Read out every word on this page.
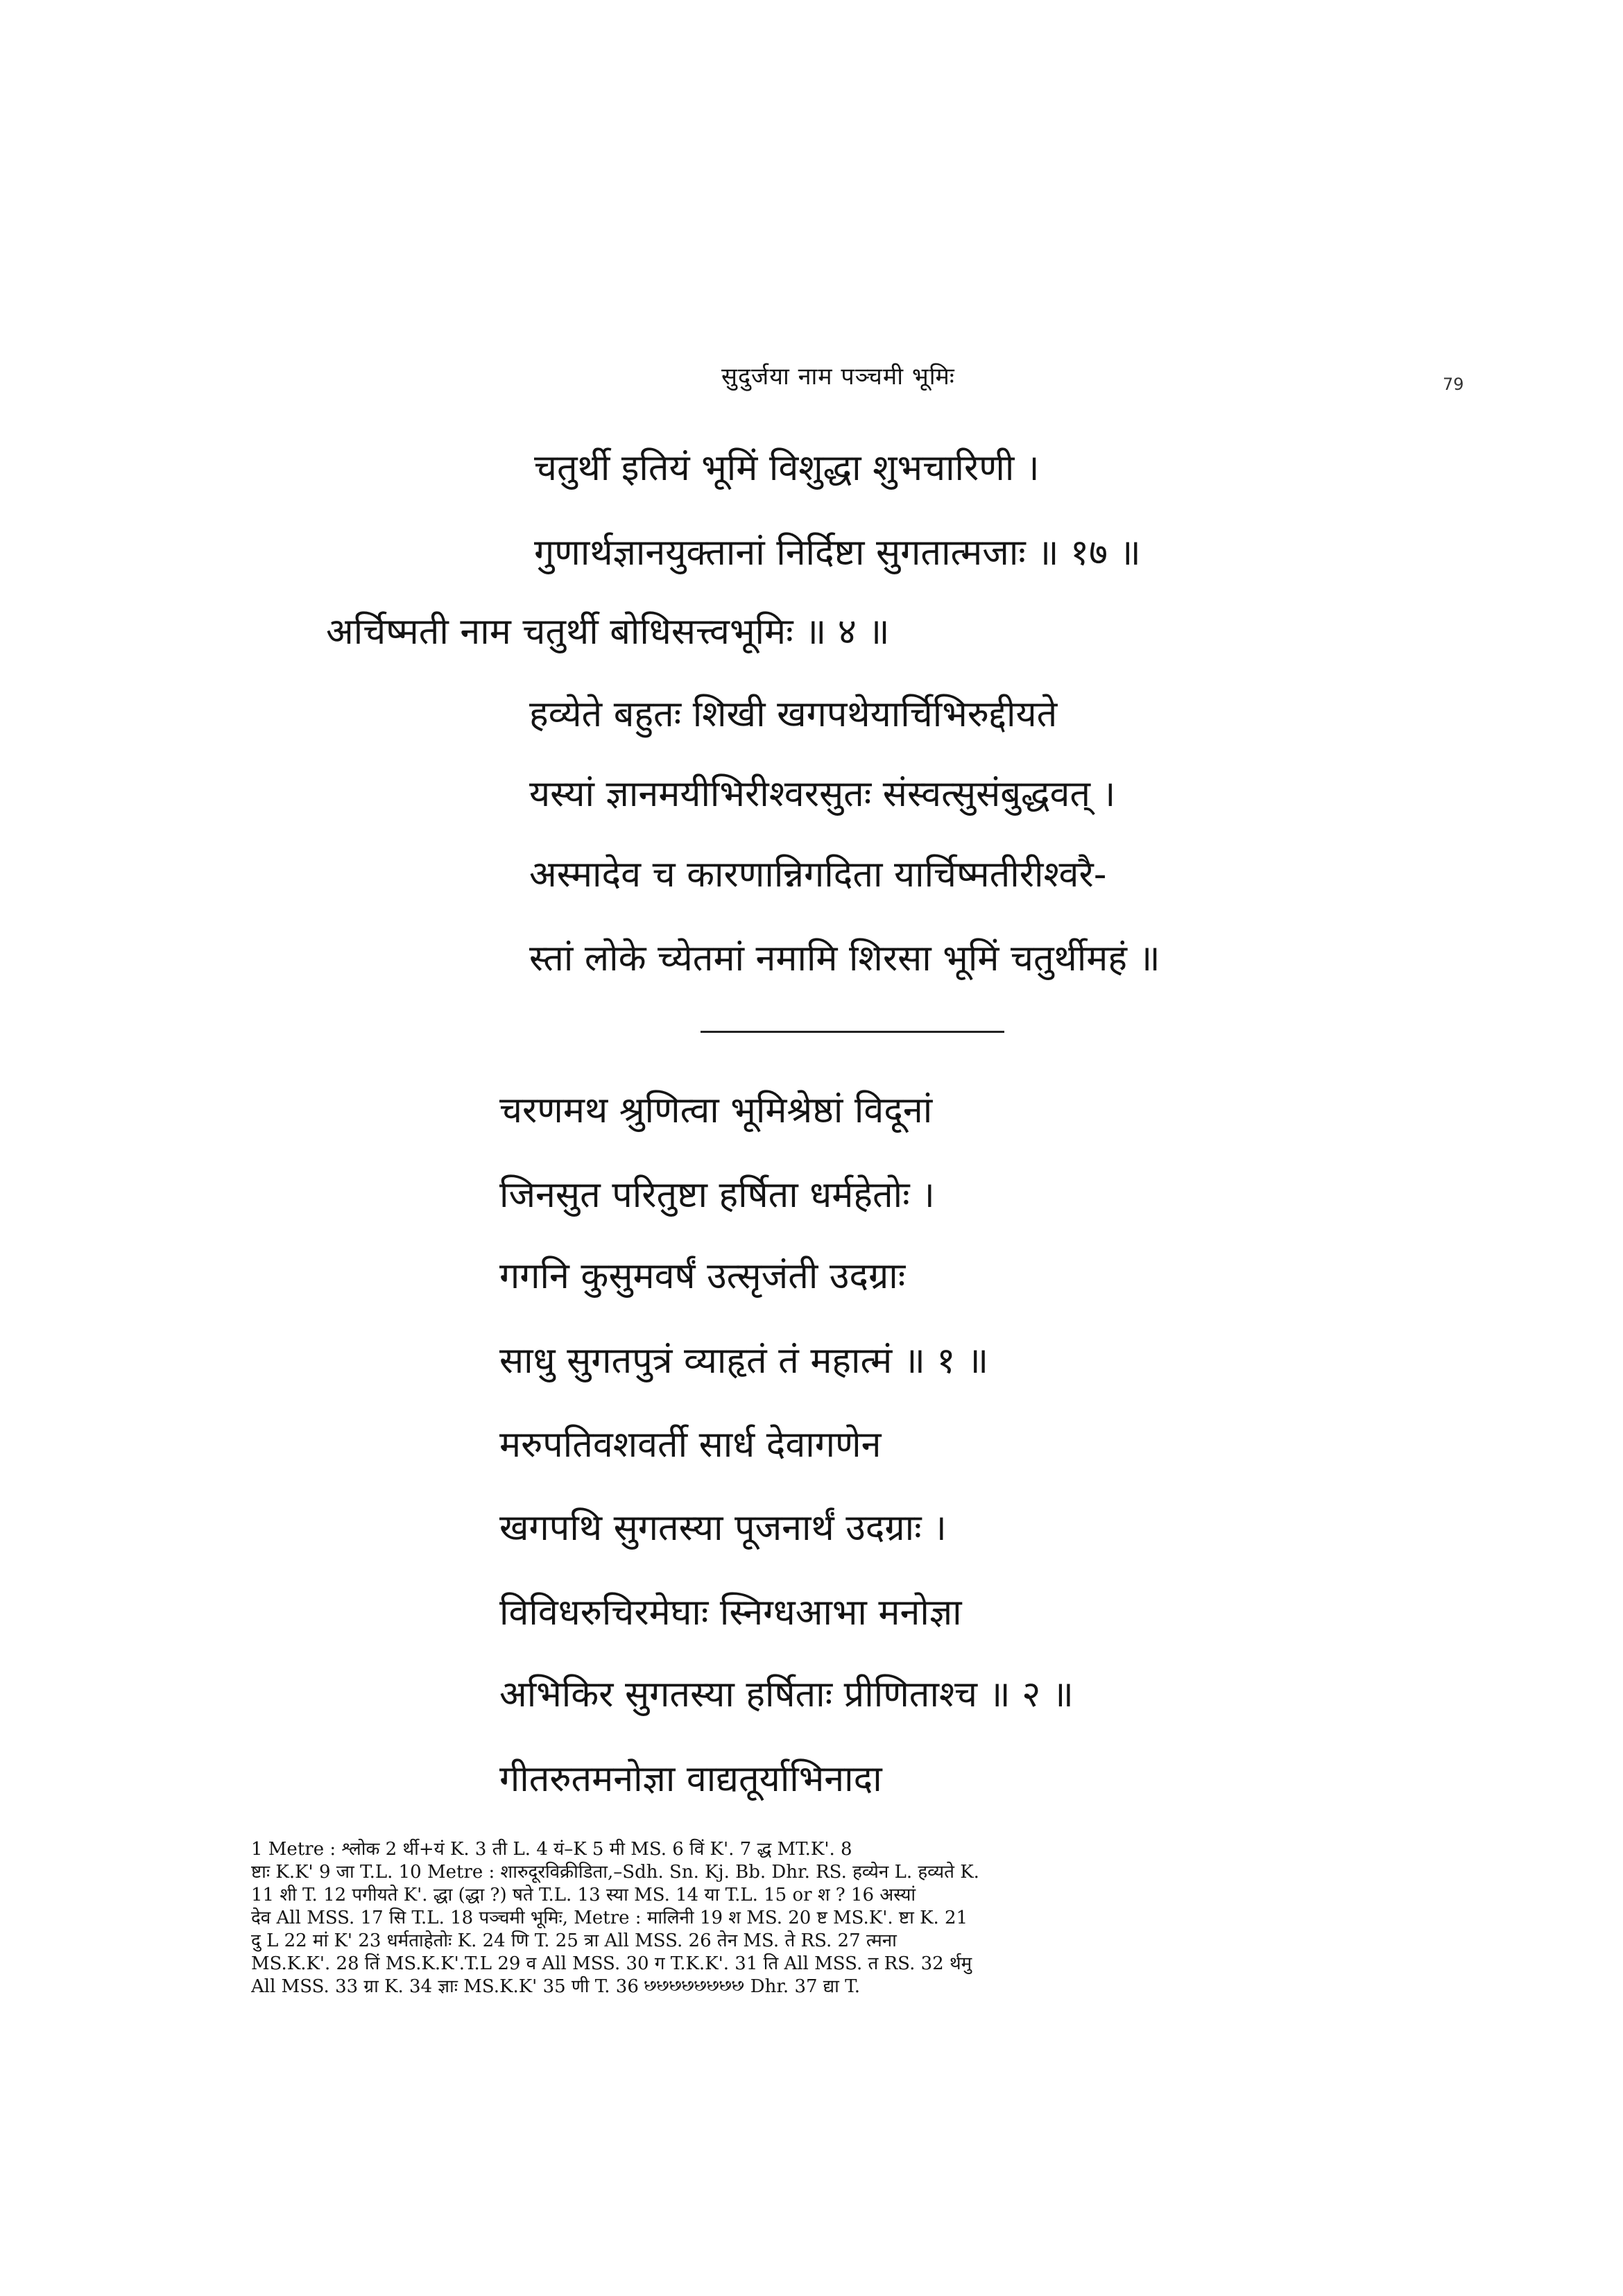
सुदुर्जया नाम पञ्चमी भूमिः	79
चतुर्थी इतियं भूमिं विशुद्धा शुभचारिणी ।
गुणार्थज्ञानयुक्तानां निर्दिष्टा सुगतात्मजाः ॥ १७ ॥
अर्चिष्मती नाम चतुर्थी बोधिसत्त्वभूमिः ॥ ४ ॥
हव्येते बहुतः शिखी खगपथेयार्चिभिरुद्दीयते
यस्यां ज्ञानमयीभिरीश्वरसुतः संस्वत्सुसंबुद्धवत् ।
अस्मादेव च कारणान्निगदिता यार्चिष्मतीरीश्वरै-
स्तां लोके च्येतमां नमामि शिरसा भूमिं चतुर्थीमहं ॥
चरणमथ श्रुणित्वा भूमिश्रेष्ठां विदूनां
जिनसुत परितुष्टा हर्षिता धर्महेतोः ।
गगनि कुसुमवर्षं उत्सृजंती उदग्राः
साधु सुगतपुत्रं व्याहृतं तं महात्मं ॥ १ ॥
मरुपतिवशवर्ती सार्ध देवागणेन
खगपथि सुगतस्या पूजनार्थं उदग्राः ।
विविधरुचिरमेघाः स्निग्धआभा मनोज्ञा
अभिकिर सुगतस्या हर्षिताः प्रीणिताश्च ॥ २ ॥
गीतरुतमनोज्ञा वाद्यतूर्याभिनादा
1 Metre : श्लोक 2 र्थी+यं K. 3 ती L. 4 यं–K 5 मी MS. 6 विं K'. 7 द्ध MT.K'. 8
ष्टाः K.K' 9 जा T.L. 10 Metre : शारुदूरविक्रीडिता,–Sdh. Sn. Kj. Bb. Dhr. RS. हव्येन L. हव्यते K.
11 शी T. 12 पगीयते K'. द्धा (द्धा ?) षते T.L. 13 स्या MS. 14 या T.L. 15 or श ? 16 अस्यां
देव All MSS. 17 सि T.L. 18 पञ्चमी भूमिः, Metre : मालिनी 19 श MS. 20 ष्ट MS.K'. ष्टा K. 21
दु L 22 मां K' 23 धर्मताहेतोः K. 24 णि T. 25 त्रा All MSS. 26 तेन MS. ते RS. 27 त्मना
MS.K.K'. 28 तिं MS.K.K'.T.L 29 व All MSS. 30 ग T.K.K'. 31 ति All MSS. त RS. 32 र्थमु
All MSS. 33 ग्रा K. 34 ज्ञाः MS.K.K' 35 णी T. 36 ꣸꣸꣸꣸꣸꣸꣸꣸ Dhr. 37 द्या T.
